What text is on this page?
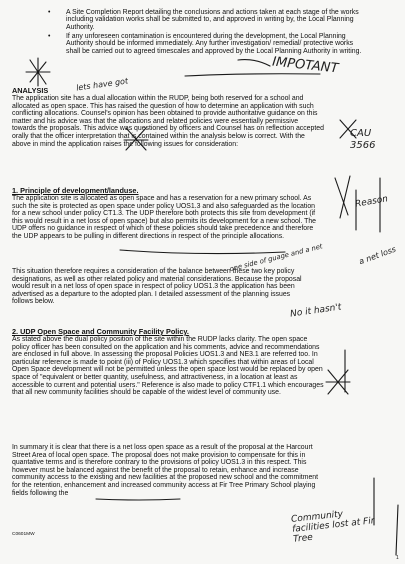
• A Site Completion Report detailing the conclusions and actions taken at each stage of the works including validation works shall be submitted to, and approved in writing by, the Local Planning Authority.
• If any unforeseen contamination is encountered during the development, the Local Planning Authority should be informed immediately. Any further investigation/ remedial/ protective works shall be carried out to agreed timescales and approved by the Local Planning Authority in writing.

ANALYSIS

The application site has a dual allocation within the RUDP, being both reserved for a school and allocated as open space. This has raised the question of how to determine an application with such conflicting allocations. Counsel's opinion has been obtained to provide authoritative guidance on this matter and his advice was that the allocations and related policies were essentially permissive towards the proposals. This advice was questioned by officers and Counsel has on reflection accepted orally that the officer interpretation that is contained within the analysis below is correct. With the above in mind the application raises the following issues for consideration:

1. Principle of development/landuse.

The application site is allocated as open space and has a reservation for a new primary school. As such the site is protected as open space under policy UOS1.3 and also safeguarded as the location for a new school under policy CT1.3. The UDP therefore both protects this site from development (if this would result in a net loss of open space) but also permits its development for a new school. The UDP offers no guidance in respect of which of these policies should take precedence and therefore the UDP appears to be pulling in different directions in respect of the principle allocations.

This situation therefore requires a consideration of the balance between these two key policy designations, as well as other related policy and material considerations. Because the proposal would result in a net loss of open space in respect of policy UOS1.3 the application has been advertised as a departure to the adopted plan. I detailed assessment of the planning issues follows below.

2. UDP Open Space and Community Facility Policy.

As stated above the dual policy position of the site within the RUDP lacks clarity. The open space policy officer has been consulted on the application and his comments, advice and recommendations are enclosed in full above. In assessing the proposal Policies UOS1.3 and NE3.1 are referred too. In particular reference is made to point (iii) of Policy UOS1.3 which specifies that within areas of Local Open Space development will not be permitted unless the open space lost would be replaced by open space of "equivalent or better quantity, usefulness, and attractiveness, in a location at least as accessible to current and potential users." Reference is also made to policy CTF1.1 which encourages that all new community facilities should be capable of the widest level of community use.

In summary it is clear that there is a net loss open space as a result of the proposal at the Harcourt Street Area of local open space. The proposal does not make provision to compensate for this in quantative terms and is therefore contrary to the provisions of policy UOS1.3 in this respect. This however must be balanced against the benefit of the proposal to retain, enhance and increase community access to the existing and new facilities at the proposed new school and the commitment for the retention, enhancement and increased community access at Fir Tree Primary School playing fields following the

C0601MW

1

IMPOTANT

lets have got

CAU 3566

one side of guage and a net

Reason

a net loss

No it hasn't

Community facilities lost at Fir Tree
